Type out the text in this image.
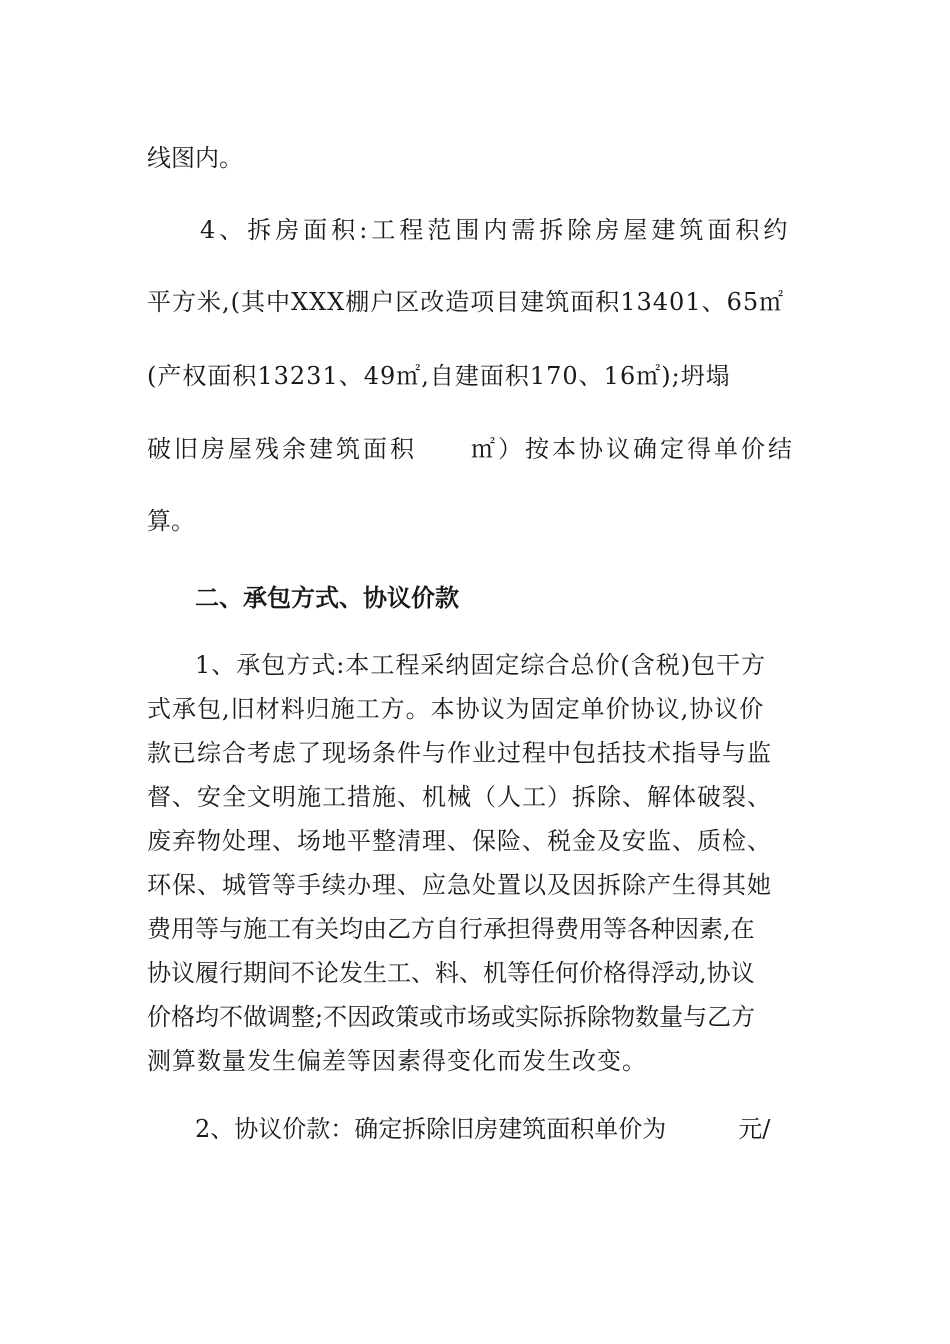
线图内。

4、拆房面积:工程范围内需拆除房屋建筑面积约

平方米,(其中XXX棚户区改造项目建筑面积13401、65㎡

(产权面积13231、49㎡,自建面积170、16㎡);坍塌

破旧房屋残余建筑面积　　㎡）按本协议确定得单价结

算。

二、承包方式、协议价款

1、承包方式:本工程采纳固定综合总价(含税)包干方

式承包,旧材料归施工方。本协议为固定单价协议,协议价

款已综合考虑了现场条件与作业过程中包括技术指导与监

督、安全文明施工措施、机械（人工）拆除、解体破裂、

废弃物处理、场地平整清理、保险、税金及安监、质检、

环保、城管等手续办理、应急处置以及因拆除产生得其她

费用等与施工有关均由乙方自行承担得费用等各种因素,在

协议履行期间不论发生工、料、机等任何价格得浮动,协议

价格均不做调整;不因政策或市场或实际拆除物数量与乙方

测算数量发生偏差等因素得变化而发生改变。

2、协议价款：确定拆除旧房建筑面积单价为　　　元/
